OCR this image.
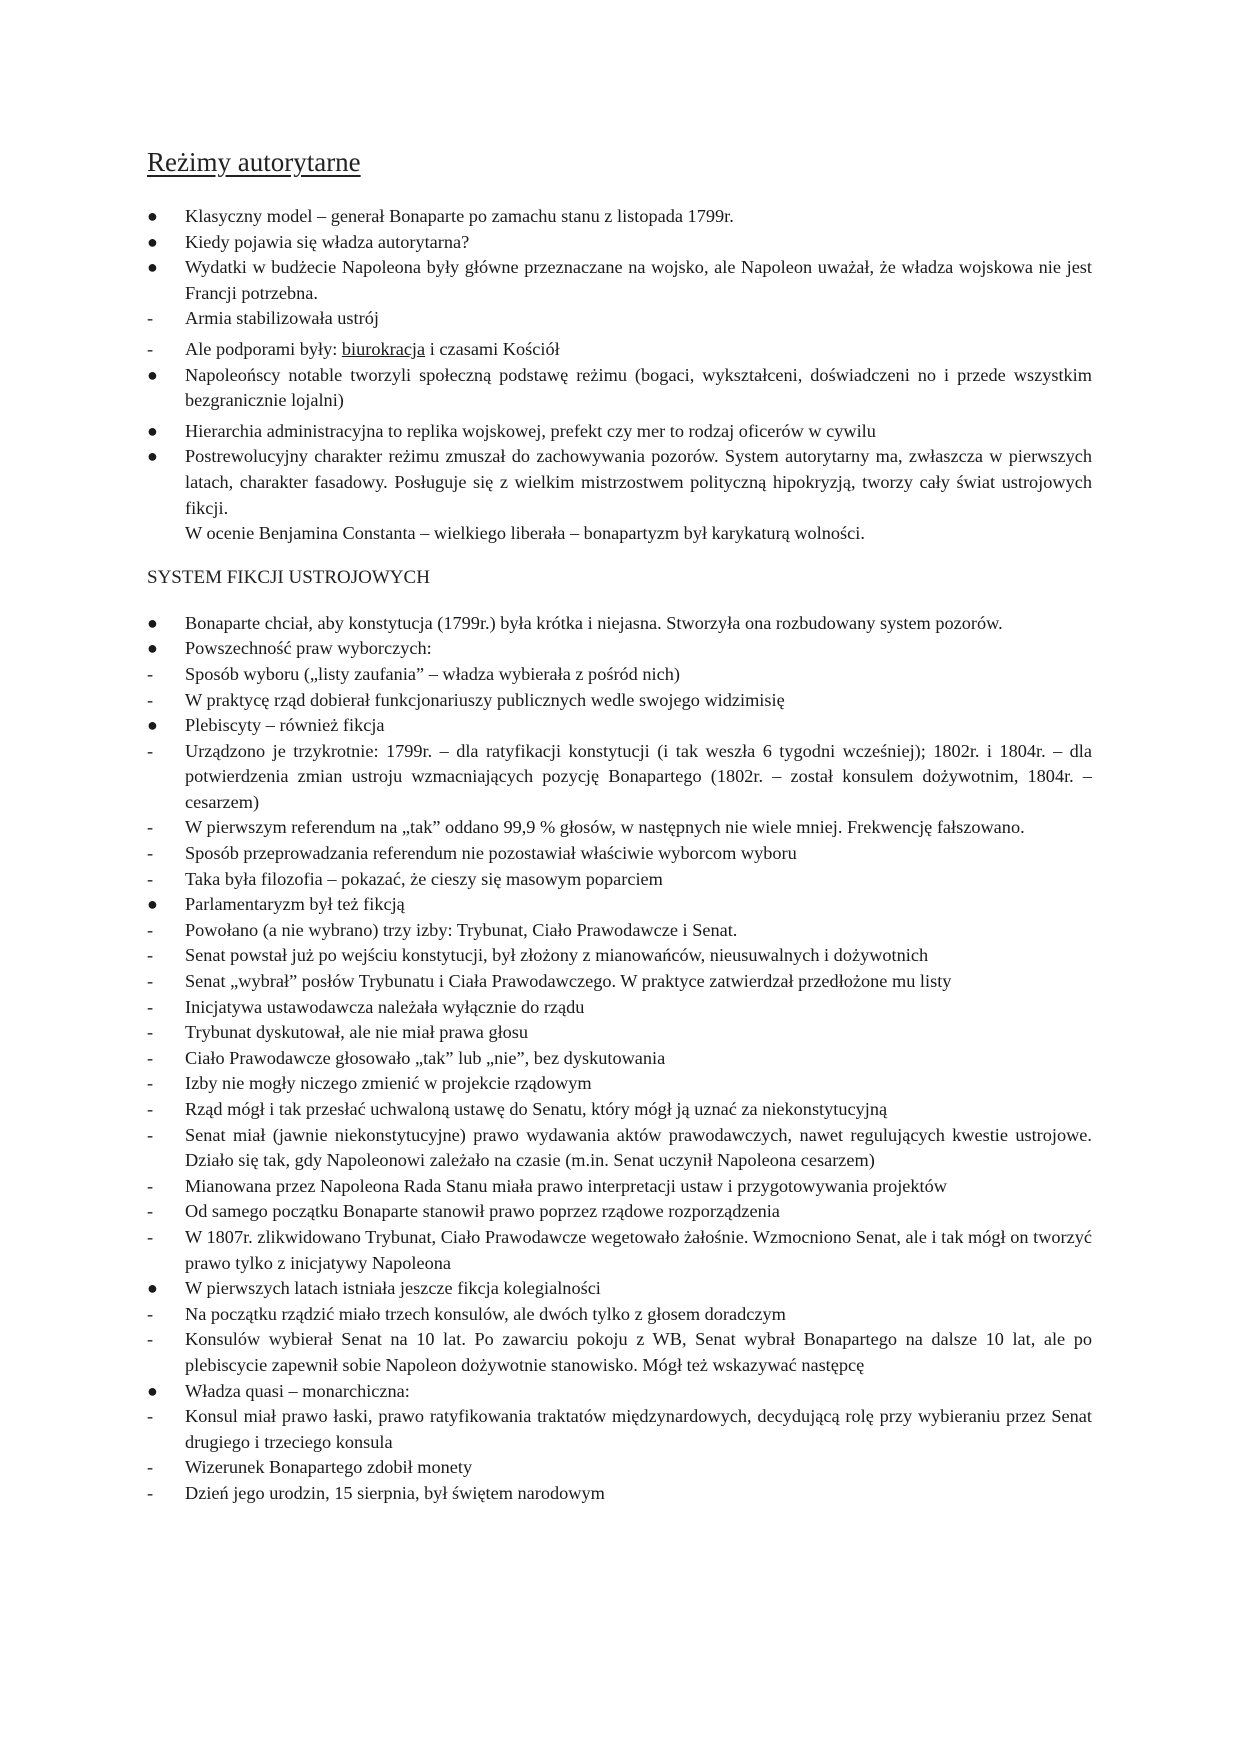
Reżimy autorytarne
●	Klasyczny model – generał Bonaparte po zamachu stanu z listopada 1799r.
●	Kiedy pojawia się władza autorytarna?
●	Wydatki w budżecie Napoleona były główne przeznaczane na wojsko, ale Napoleon uważał, że władza wojskowa nie jest Francji potrzebna.
-	Armia stabilizowała ustrój
-	Ale podporami były: biurokracja i czasami Kościół
●	Napoleońscy notable tworzyli społeczną podstawę reżimu (bogaci, wykształceni, doświadczeni no i przede wszystkim bezgranicznie lojalni)
●	Hierarchia administracyjna to replika wojskowej, prefekt czy mer to rodzaj oficerów w cywilu
●	Postrewolucyjny charakter reżimu zmuszał do zachowywania pozorów. System autorytarny ma, zwłaszcza w pierwszych latach, charakter fasadowy. Posługuje się z wielkim mistrzostwem polityczną hipokryzją, tworzy cały świat ustrojowych fikcji.
W ocenie Benjamina Constanta – wielkiego liberała – bonapartyzm był karykaturą wolności.
SYSTEM FIKCJI USTROJOWYCH
●	Bonaparte chciał, aby konstytucja (1799r.) była krótka i niejasna. Stworzyła ona rozbudowany system pozorów.
●	Powszechność praw wyborczych:
-	Sposób wyboru („listy zaufania” – władza wybierała z pośród nich)
-	W praktycę rząd dobierał funkcjonariuszy publicznych wedle swojego widzimisię
●	Plebiscyty – również fikcja
-	Urządzono je trzykrotnie: 1799r. – dla ratyfikacji konstytucji (i tak weszła 6 tygodni wcześniej); 1802r. i 1804r. – dla potwierdzenia zmian ustroju wzmacniających pozycję Bonapartego (1802r. – został konsulem dożywotnim, 1804r. – cesarzem)
-	W pierwszym referendum na „tak” oddano 99,9 % głosów, w następnych nie wiele mniej. Frekwencję fałszowano.
-	Sposób przeprowadzania referendum nie pozostawiał właściwie wyborcom wyboru
-	Taka była filozofia – pokazać, że cieszy się masowym poparciem
●	Parlamentaryzm był też fikcją
-	Powołano (a nie wybrano) trzy izby: Trybunat, Ciało Prawodawcze i Senat.
-	Senat powstał już po wejściu konstytucji, był złożony z mianowańców, nieusuwalnych i dożywotnich
-	Senat „wybrał” posłów Trybunatu i Ciała Prawodawczego. W praktyce zatwierdzał przedłożone mu listy
-	Inicjatywa ustawodawcza należała wyłącznie do rządu
-	Trybunat dyskutował, ale nie miał prawa głosu
-	Ciało Prawodawcze głosowało „tak” lub „nie”, bez dyskutowania
-	Izby nie mogły niczego zmienić w projekcie rządowym
-	Rząd mógł i tak przesłać uchwaloną ustawę do Senatu, który mógł ją uznać za niekonstytucyjną
-	Senat miał (jawnie niekonstytucyjne) prawo wydawania aktów prawodawczych, nawet regulujących kwestie ustrojowe. Działo się tak, gdy Napoleonowi zależało na czasie (m.in. Senat uczynił Napoleona cesarzem)
-	Mianowana przez Napoleona Rada Stanu miała prawo interpretacji ustaw i przygotowywania projektów
-	Od samego początku Bonaparte stanowił prawo poprzez rządowe rozporządzenia
-	W 1807r. zlikwidowano Trybunat, Ciało Prawodawcze wegetowało żałośnie. Wzmocniono Senat, ale i tak mógł on tworzyć prawo tylko z inicjatywy Napoleona
●	W pierwszych latach istniała jeszcze fikcja kolegialności
-	Na początku rządzić miało trzech konsulów, ale dwóch tylko z głosem doradczym
-	Konsulów wybierał Senat na 10 lat. Po zawarciu pokoju z WB, Senat wybrał Bonapartego na dalsze 10 lat, ale po plebiscycie zapewnił sobie Napoleon dożywotnie stanowisko. Mógł też wskazywać następcę
●	Władza quasi – monarchiczna:
-	Konsul miał prawo łaski, prawo ratyfikowania traktatów międzynardowych, decydującą rolę przy wybieraniu przez Senat drugiego i trzeciego konsula
-	Wizerunek Bonapartego zdobił monety
-	Dzień jego urodzin, 15 sierpnia, był świętem narodowym
